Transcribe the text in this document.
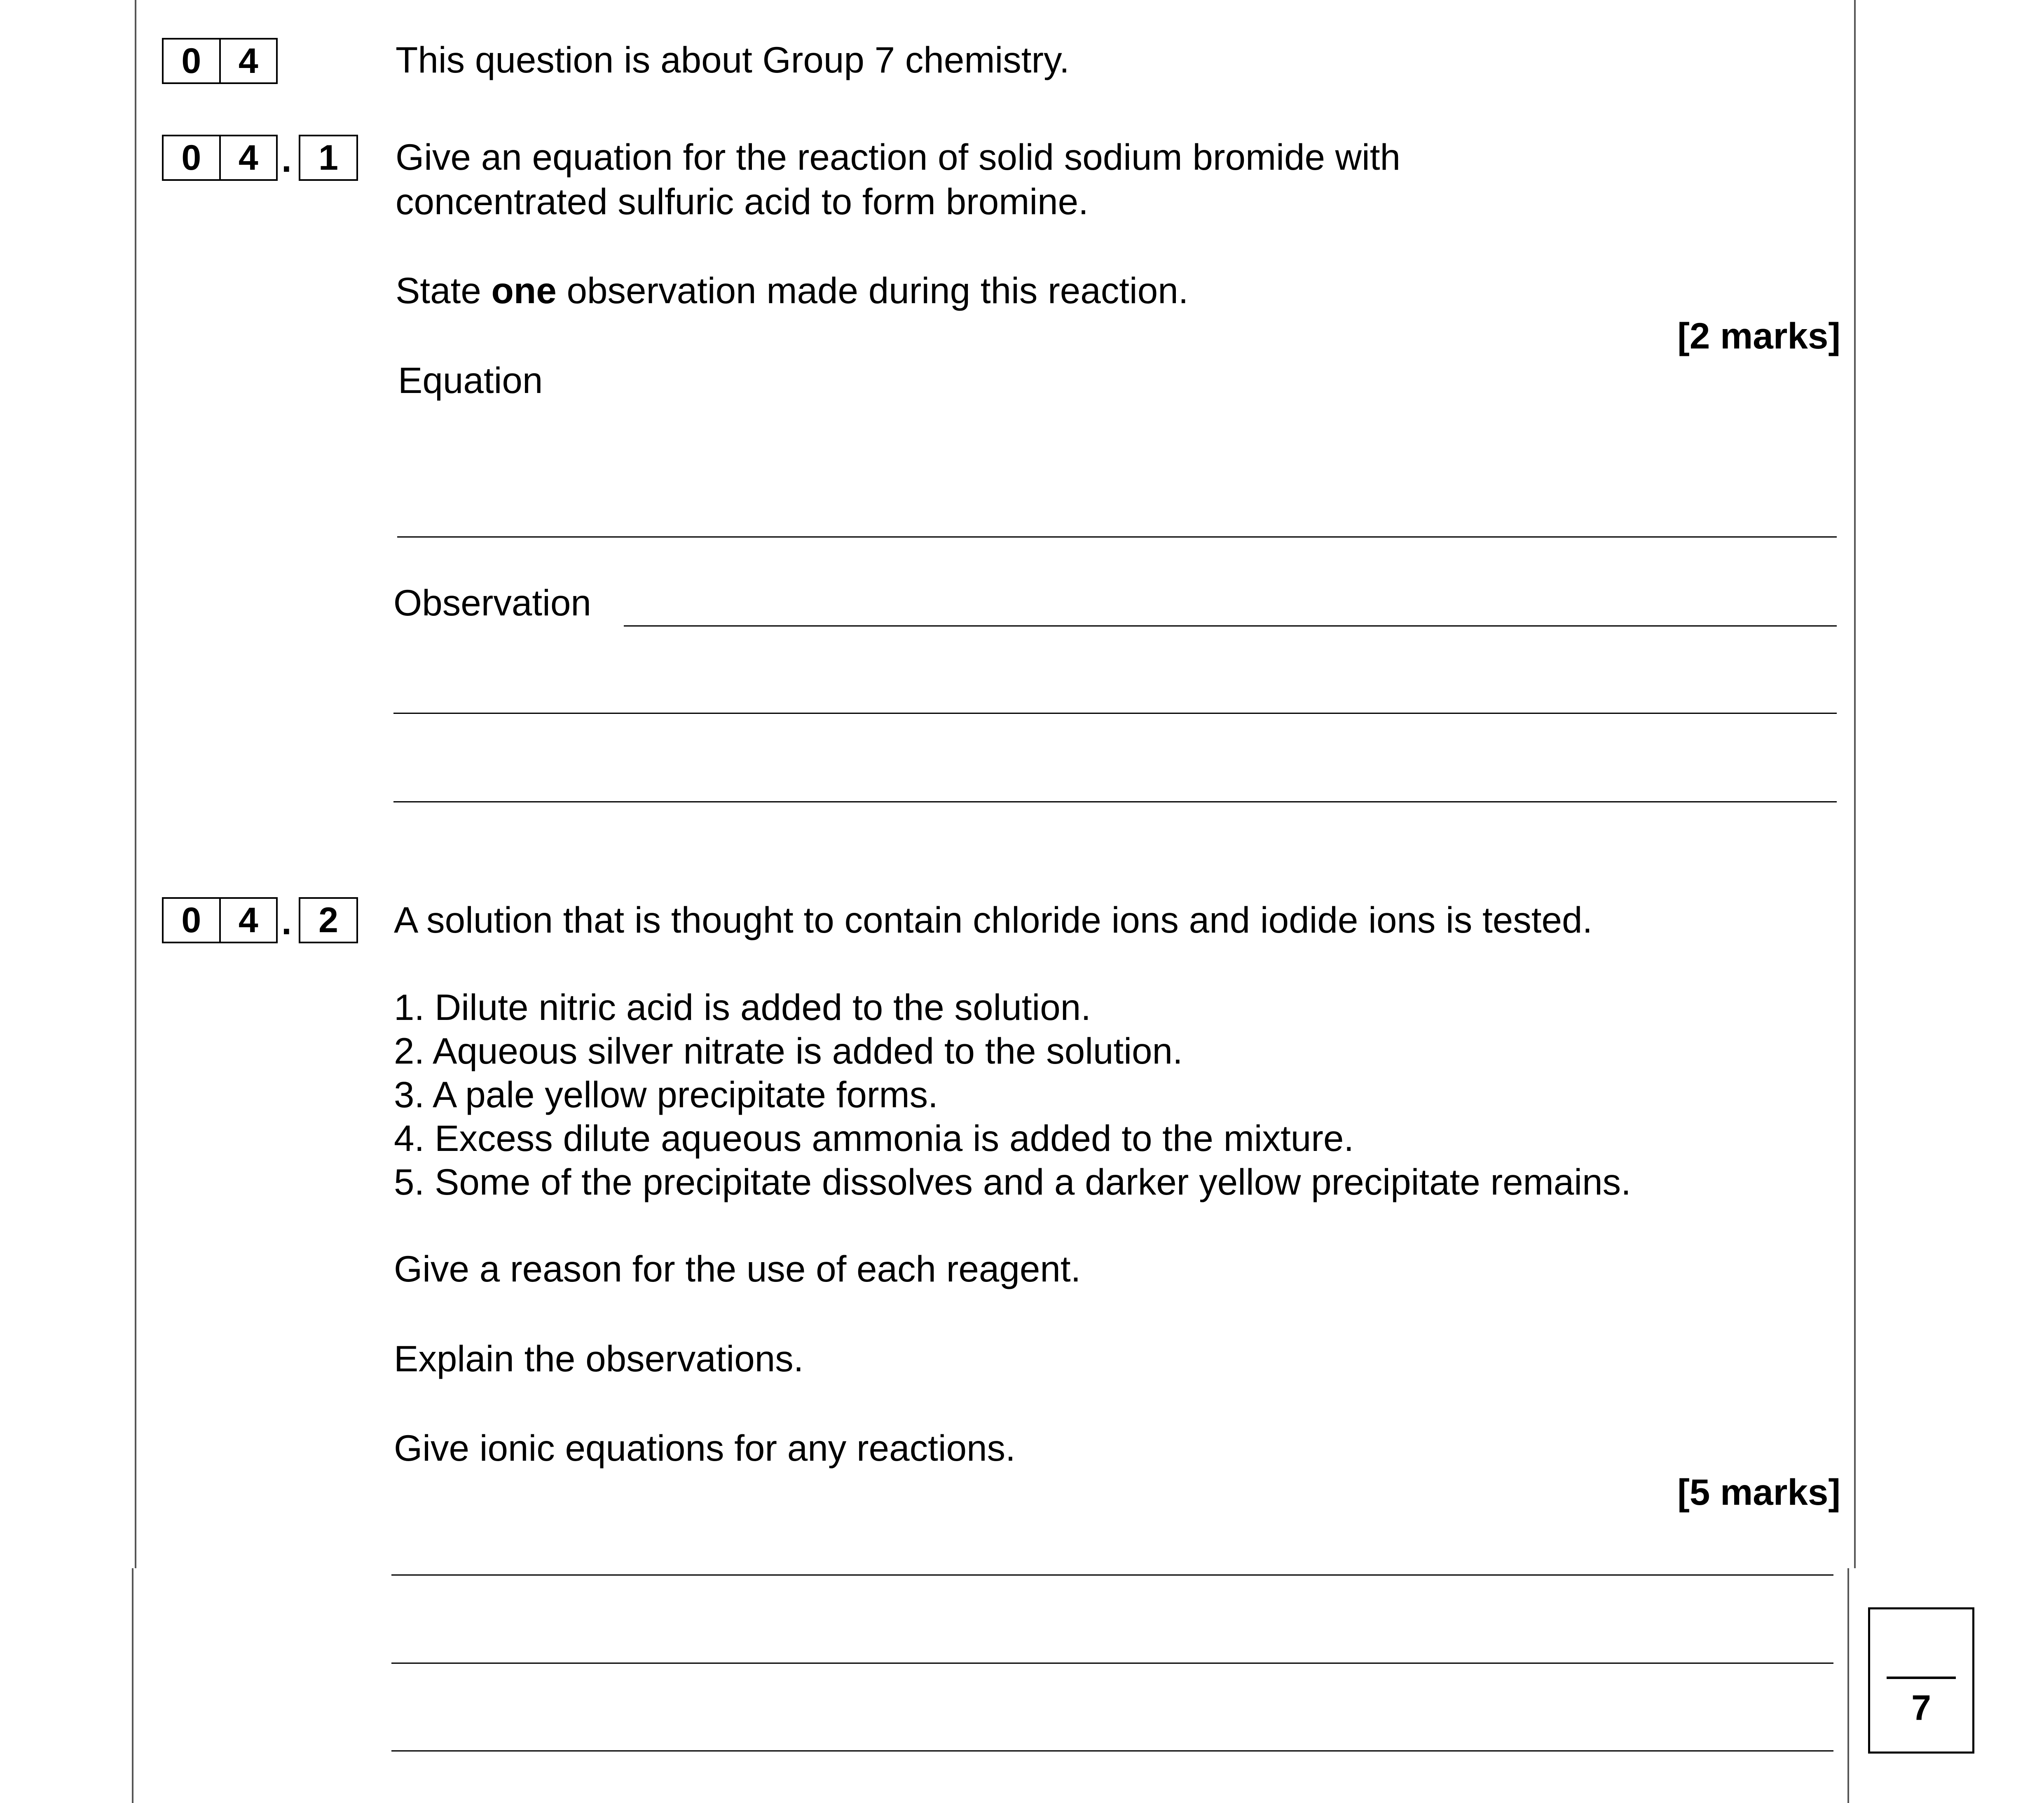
0	4	This question is about Group 7 chemistry.
0	4 . 1	Give an equation for the reaction of solid sodium bromide with
concentrated sulfuric acid to form bromine.
State one observation made during this reaction.
[2 marks]
Equation
Observation
0	4 . 2	A solution that is thought to contain chloride ions and iodide ions is tested.
1. Dilute nitric acid is added to the solution.
2. Aqueous silver nitrate is added to the solution.
3. A pale yellow precipitate forms.
4. Excess dilute aqueous ammonia is added to the mixture.
5. Some of the precipitate dissolves and a darker yellow precipitate remains.
Give a reason for the use of each reagent.
Explain the observations.
Give ionic equations for any reactions.
[5 marks]
7
